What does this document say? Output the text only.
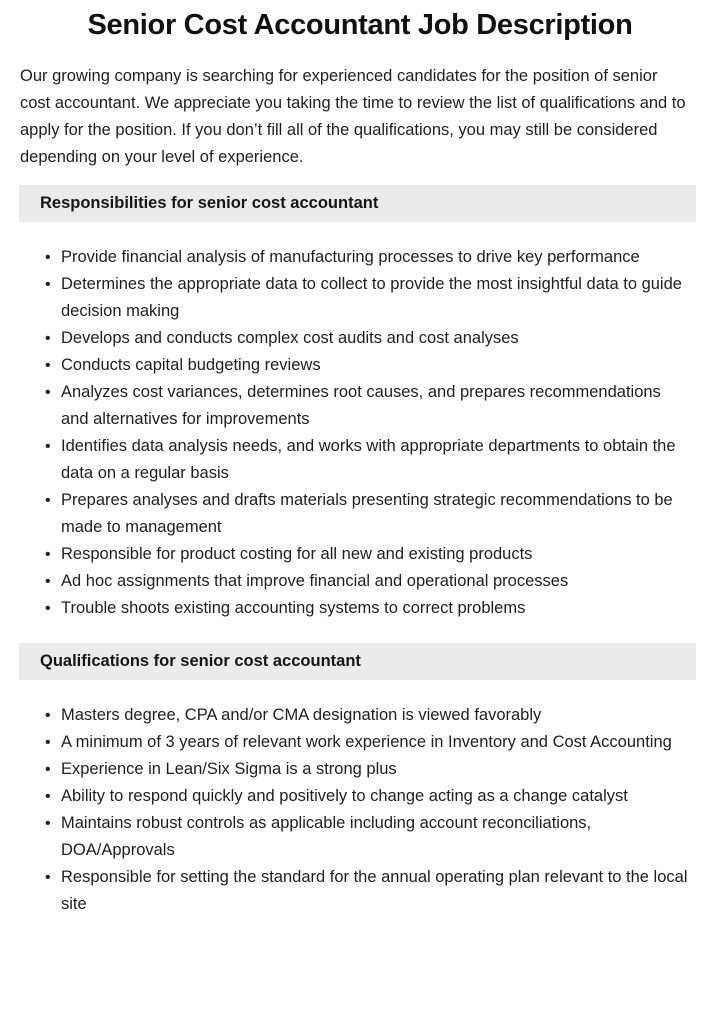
Senior Cost Accountant Job Description

Our growing company is searching for experienced candidates for the position of senior cost accountant. We appreciate you taking the time to review the list of qualifications and to apply for the position. If you don’t fill all of the qualifications, you may still be considered depending on your level of experience.

Responsibilities for senior cost accountant
• Provide financial analysis of manufacturing processes to drive key performance
• Determines the appropriate data to collect to provide the most insightful data to guide decision making
• Develops and conducts complex cost audits and cost analyses
• Conducts capital budgeting reviews
• Analyzes cost variances, determines root causes, and prepares recommendations and alternatives for improvements
• Identifies data analysis needs, and works with appropriate departments to obtain the data on a regular basis
• Prepares analyses and drafts materials presenting strategic recommendations to be made to management
• Responsible for product costing for all new and existing products
• Ad hoc assignments that improve financial and operational processes
• Trouble shoots existing accounting systems to correct problems
Qualifications for senior cost accountant
• Masters degree, CPA and/or CMA designation is viewed favorably
• A minimum of 3 years of relevant work experience in Inventory and Cost Accounting
• Experience in Lean/Six Sigma is a strong plus
• Ability to respond quickly and positively to change acting as a change catalyst
• Maintains robust controls as applicable including account reconciliations, DOA/Approvals
• Responsible for setting the standard for the annual operating plan relevant to the local site
